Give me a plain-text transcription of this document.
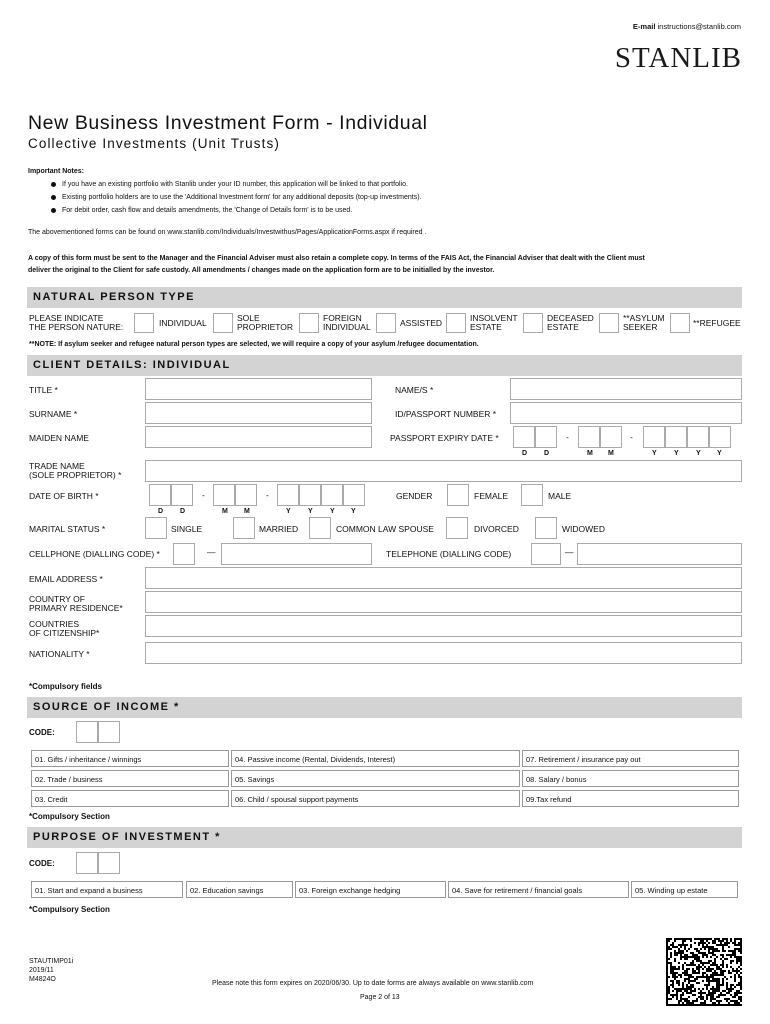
E-mail instructions@stanlib.com
STANLIB
New Business Investment Form - Individual
Collective Investments (Unit Trusts)
Important Notes:
If you have an existing portfolio with Stanlib under your ID number, this application will be linked to that portfolio.
Existing portfolio holders are to use the 'Additional Investment form' for any additional deposits (top-up investments).
For debit order, cash flow and details amendments, the 'Change of Details form' is to be used.
The abovementioned forms can be found on www.stanlib.com/Individuals/Investwithus/Pages/ApplicationForms.aspx if required .
A copy of this form must be sent to the Manager and the Financial Adviser must also retain a complete copy. In terms of the FAIS Act, the Financial Adviser that dealt with the Client must
deliver the original to the Client for safe custody. All amendments / changes made on the application form are to be initialled by the investor.
NATURAL PERSON TYPE
PLEASE INDICATE
THE PERSON NATURE:	INDIVIDUAL	SOLE
PROPRIETOR
FOREIGN
INDIVIDUAL	ASSISTED	INSOLVENT
ESTATE
DECEASED
ESTATE
**ASYLUM
SEEKER	**REFUGEE
**NOTE: If asylum seeker and refugee natural person types are selected, we will require a copy of your asylum /refugee documentation.
CLIENT DETAILS: INDIVIDUAL
TITLE *	NAME/S *
SURNAME *	ID/PASSPORT NUMBER *
MAIDEN NAME	PASSPORT EXPIRY DATE *	-	-
D D	M M	Y Y Y Y
TRADE NAME
(SOLE PROPRIETOR) *
DATE OF BIRTH *	-	-
D D	M M	Y Y Y Y
GENDER	FEMALE	MALE
MARITAL STATUS *	SINGLE	MARRIED	COMMON LAW SPOUSE	DIVORCED	WIDOWED
CELLPHONE (DIALLING CODE) *	—	TELEPHONE (DIALLING CODE)	—
EMAIL ADDRESS *
COUNTRY OF
PRIMARY RESIDENCE*
COUNTRIES
OF CITIZENSHIP*
NATIONALITY *
*Compulsory fields
SOURCE OF INCOME *
CODE:
01. Gifts / inheritance / winnings	04. Passive income (Rental, Dividends, Interest)	07. Retirement / insurance pay out
02. Trade / business	05. Savings	08. Salary / bonus
03. Credit	06. Child / spousal support payments	09.Tax refund
*Compulsory Section
PURPOSE OF INVESTMENT *
CODE:
01. Start and expand a business	02. Education savings	03. Foreign exchange hedging	04. Save for retirement / financial goals	05. Winding up estate
*Compulsory Section
STAUTIMP01i
2019/11
M4824O
Please note this form expires on 2020/06/30. Up to date forms are always available on www.stanlib.com
Page 2 of 13
